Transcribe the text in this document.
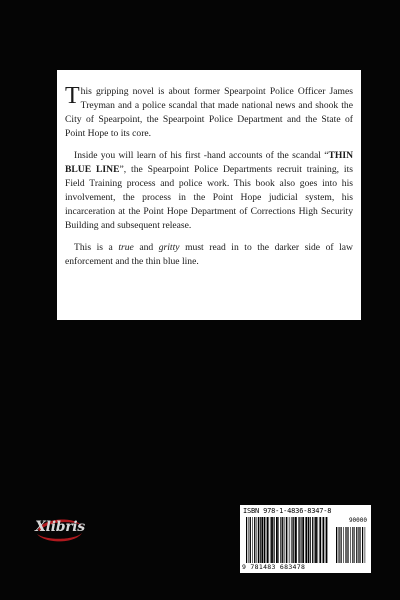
This gripping novel is about former Spearpoint Police Officer James Treyman and a police scandal that made national news and shook the City of Spearpoint, the Spearpoint Police Department and the State of Point Hope to its core.

Inside you will learn of his first -hand accounts of the scandal “THIN BLUE LINE”, the Spearpoint Police Departments recruit training, its Field Training process and police work. This book also goes into his involvement, the process in the Point Hope judicial system, his incarceration at the Point Hope Department of Corrections High Security Building and subsequent release.

This is a true and gritty must read in to the darker side of law enforcement and the thin blue line.

Xlibris
ISBN 978-1-4836-8347-8
90000
9 781483 683478
